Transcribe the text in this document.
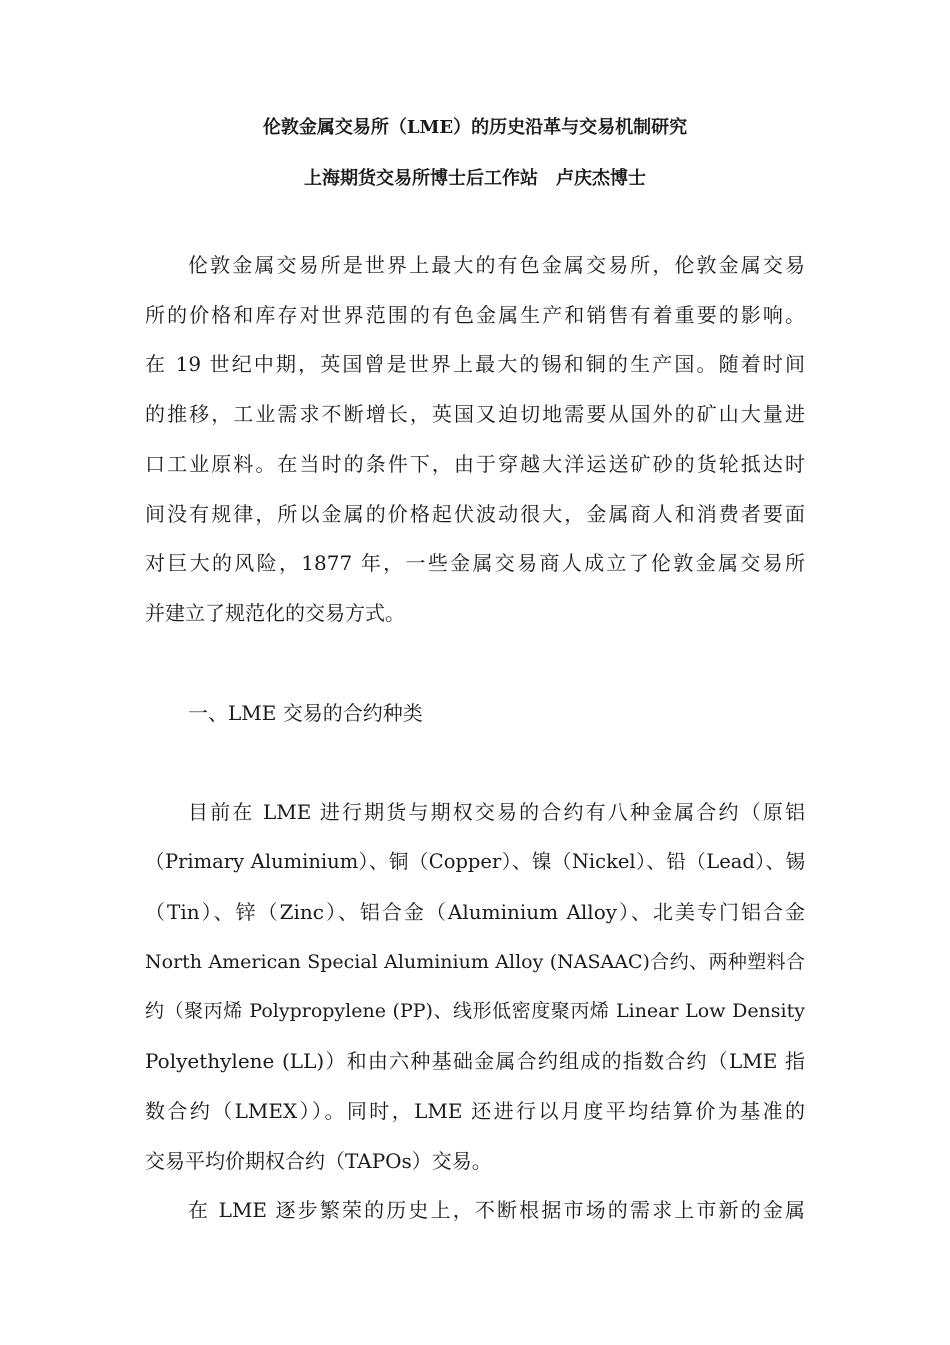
伦敦金属交易所（LME）的历史沿革与交易机制研究
上海期货交易所博士后工作站　卢庆杰博士
伦敦金属交易所是世界上最大的有色金属交易所，伦敦金属交易
所的价格和库存对世界范围的有色金属生产和销售有着重要的影响。
在 19 世纪中期，英国曾是世界上最大的锡和铜的生产国。随着时间
的推移，工业需求不断增长，英国又迫切地需要从国外的矿山大量进
口工业原料。在当时的条件下，由于穿越大洋运送矿砂的货轮抵达时
间没有规律，所以金属的价格起伏波动很大，金属商人和消费者要面
对巨大的风险，1877 年，一些金属交易商人成立了伦敦金属交易所
并建立了规范化的交易方式。
一、LME 交易的合约种类
目前在 LME 进行期货与期权交易的合约有八种金属合约（原铝
（Primary Aluminium）、铜（Copper）、镍（Nickel）、铅（Lead）、锡
（Tin）、锌（Zinc）、铝合金（Aluminium Alloy）、北美专门铝合金
North American Special Aluminium Alloy (NASAAC)合约、两种塑料合
约（聚丙烯 Polypropylene (PP)、线形低密度聚丙烯 Linear Low Density
Polyethylene (LL)）和由六种基础金属合约组成的指数合约（LME 指
数合约（LMEX））。同时，LME 还进行以月度平均结算价为基准的
交易平均价期权合约（TAPOs）交易。
在 LME 逐步繁荣的历史上，不断根据市场的需求上市新的金属
